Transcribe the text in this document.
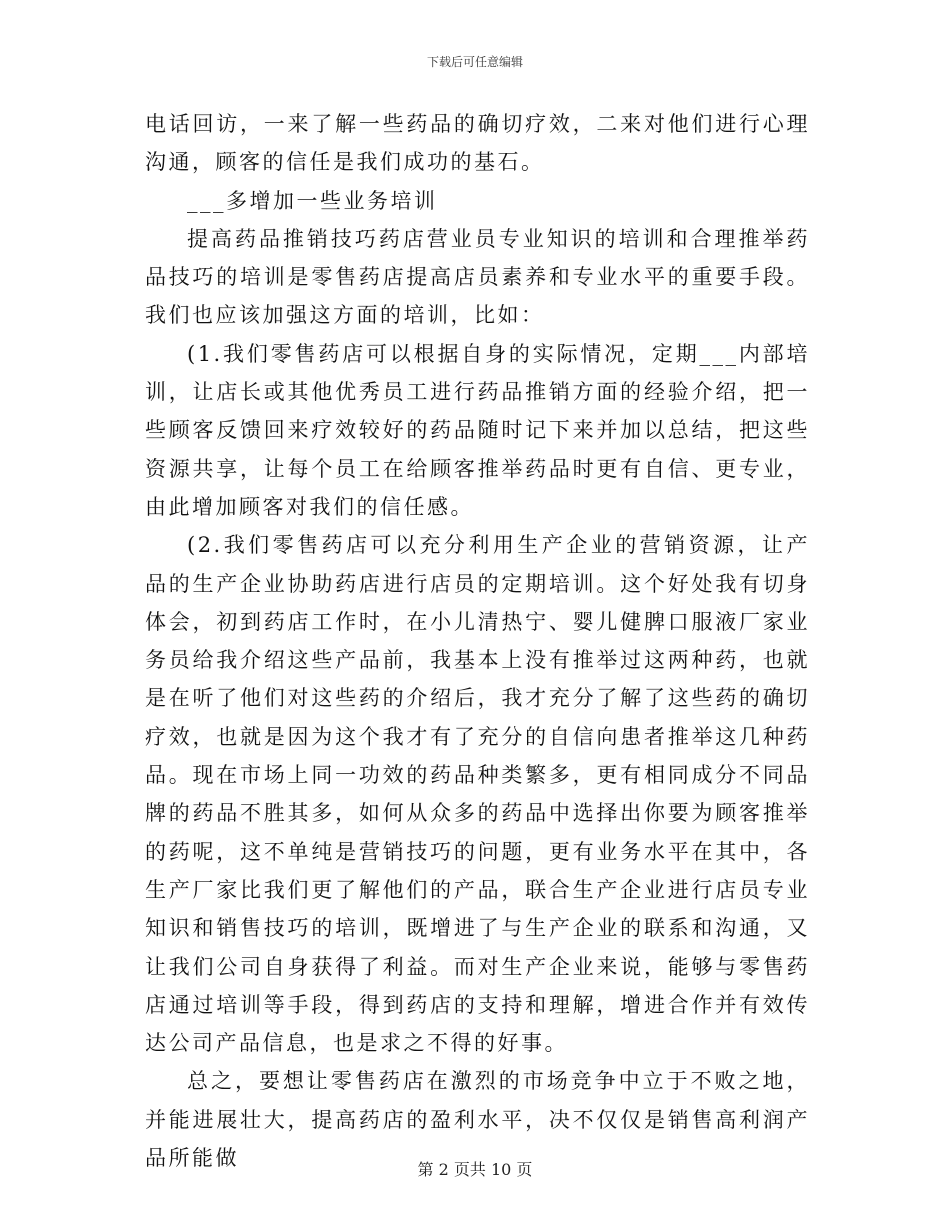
下载后可任意编辑

电话回访，一来了解一些药品的确切疗效，二来对他们进行心理沟通，顾客的信任是我们成功的基石。

___多增加一些业务培训

提高药品推销技巧药店营业员专业知识的培训和合理推举药品技巧的培训是零售药店提高店员素养和专业水平的重要手段。我们也应该加强这方面的培训，比如：

(1.我们零售药店可以根据自身的实际情况，定期___内部培训，让店长或其他优秀员工进行药品推销方面的经验介绍，把一些顾客反馈回来疗效较好的药品随时记下来并加以总结，把这些资源共享，让每个员工在给顾客推举药品时更有自信、更专业，由此增加顾客对我们的信任感。

(2.我们零售药店可以充分利用生产企业的营销资源，让产品的生产企业协助药店进行店员的定期培训。这个好处我有切身体会，初到药店工作时，在小儿清热宁、婴儿健脾口服液厂家业务员给我介绍这些产品前，我基本上没有推举过这两种药，也就是在听了他们对这些药的介绍后，我才充分了解了这些药的确切疗效，也就是因为这个我才有了充分的自信向患者推举这几种药品。现在市场上同一功效的药品种类繁多，更有相同成分不同品牌的药品不胜其多，如何从众多的药品中选择出你要为顾客推举的药呢，这不单纯是营销技巧的问题，更有业务水平在其中，各生产厂家比我们更了解他们的产品，联合生产企业进行店员专业知识和销售技巧的培训，既增进了与生产企业的联系和沟通，又让我们公司自身获得了利益。而对生产企业来说，能够与零售药店通过培训等手段，得到药店的支持和理解，增进合作并有效传达公司产品信息，也是求之不得的好事。

总之，要想让零售药店在激烈的市场竞争中立于不败之地，并能进展壮大，提高药店的盈利水平，决不仅仅是销售高利润产品所能做	第 2 页共 10 页
